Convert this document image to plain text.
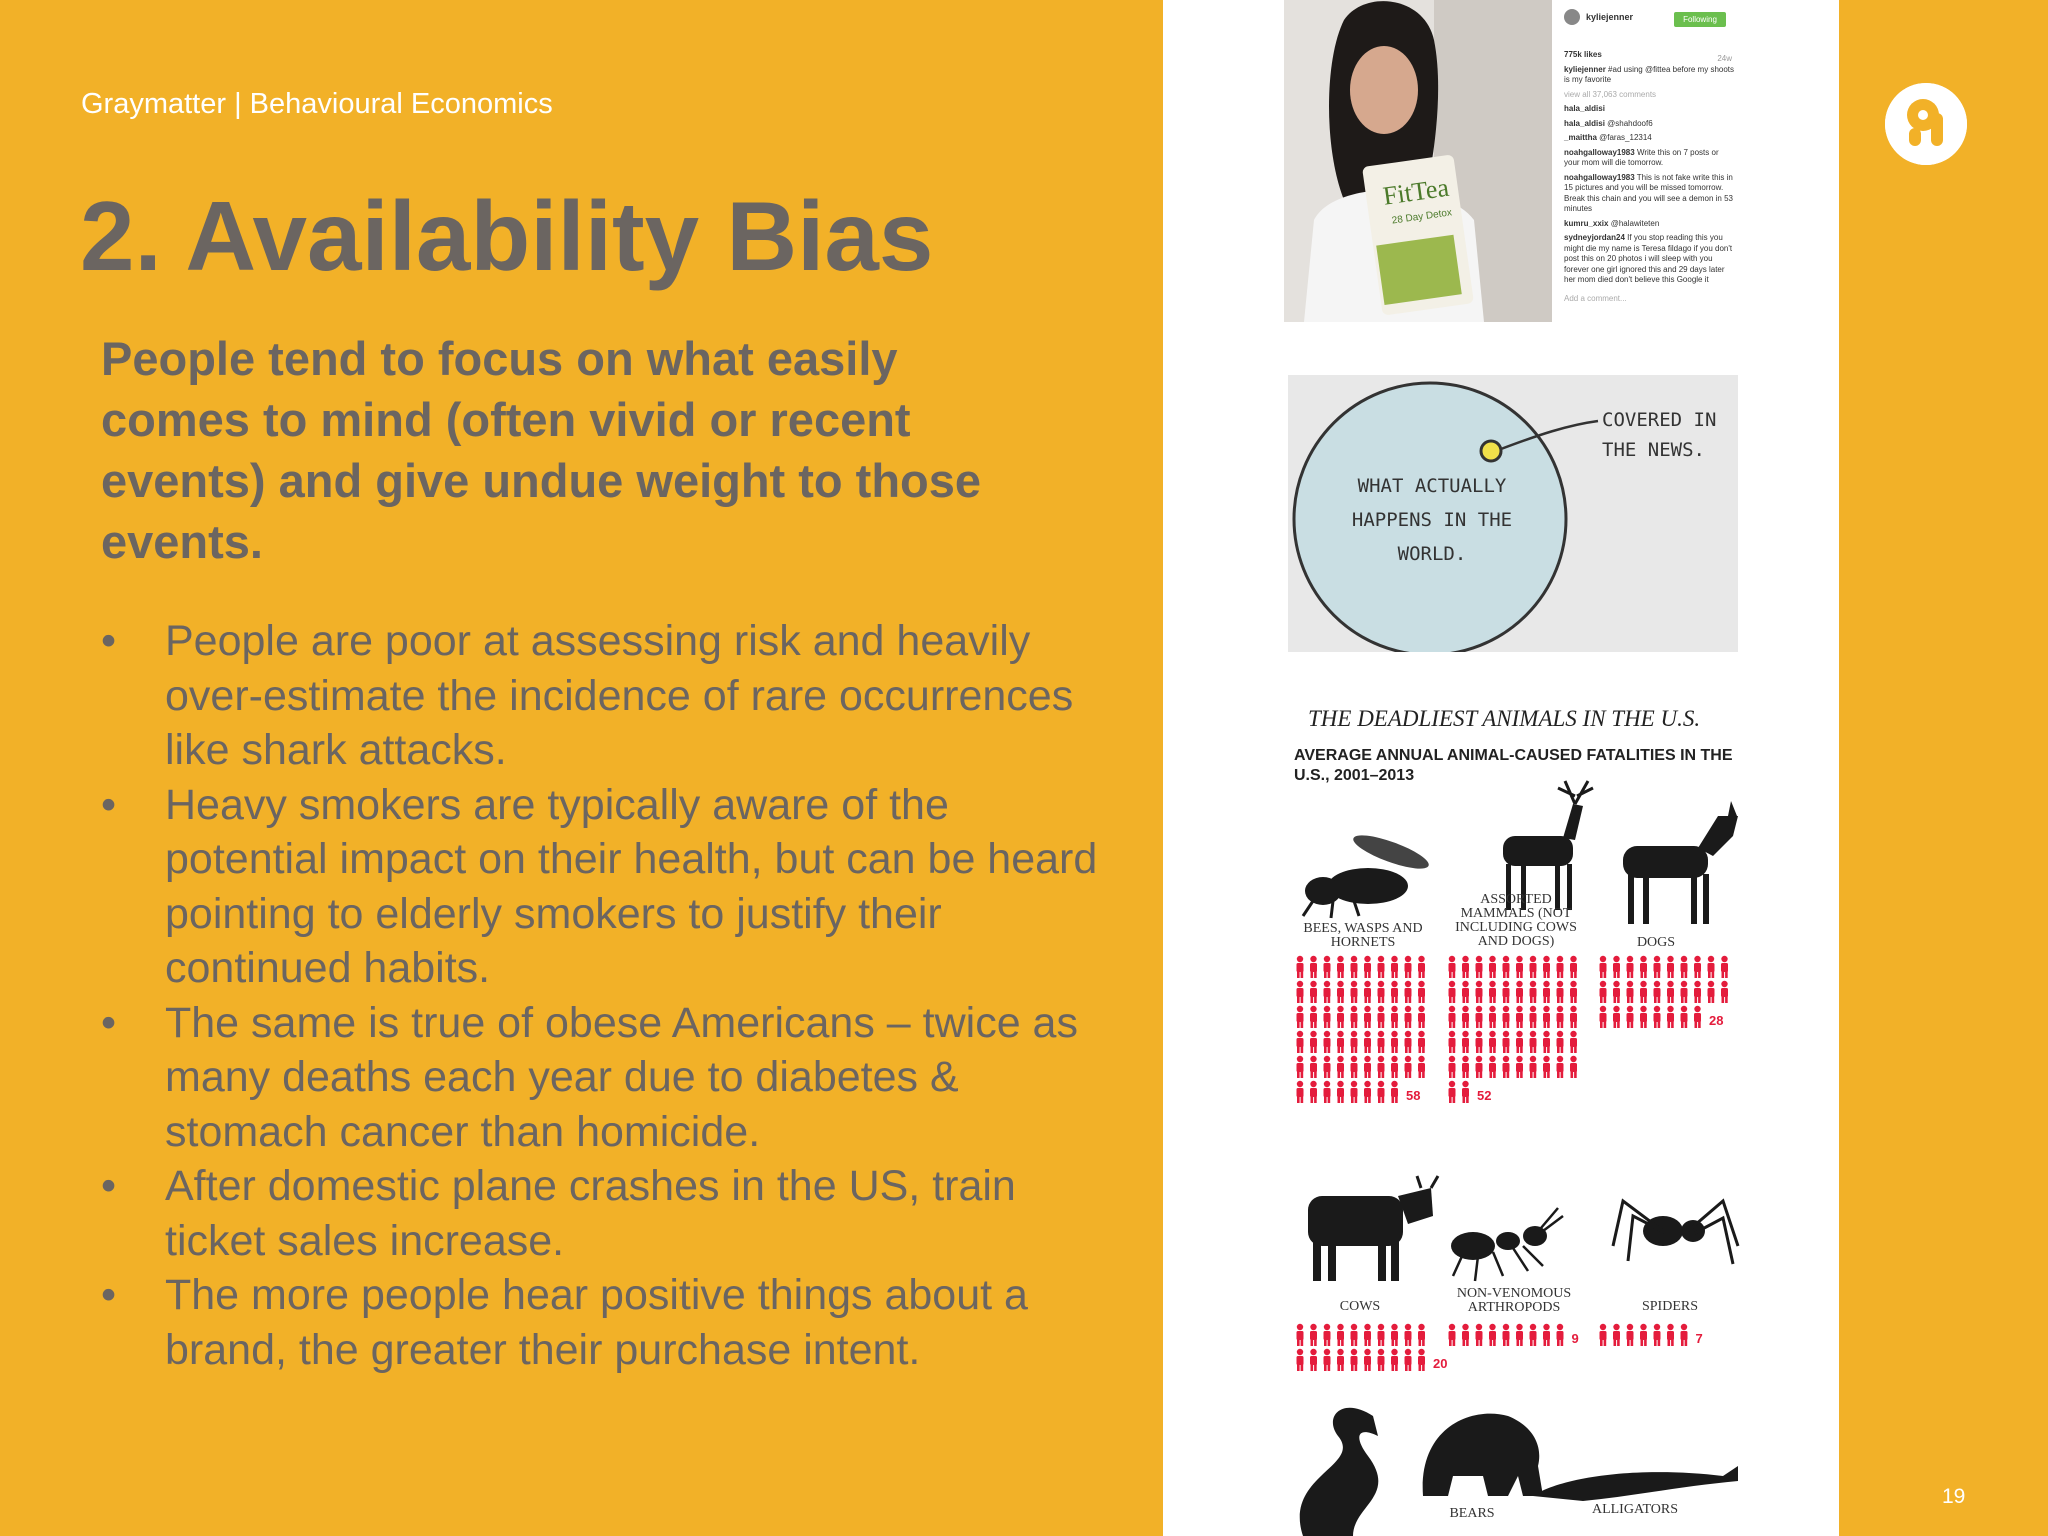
Graymatter | Behavioural Economics
2. Availability Bias
People tend to focus on what easily comes to mind (often vivid or recent events) and give undue weight to those events.
• People are poor at assessing risk and heavily over-estimate the incidence of rare occurrences like shark attacks.
• Heavy smokers are typically aware of the potential impact on their health, but can be heard pointing to elderly smokers to justify their continued habits.
• The same is true of obese Americans – twice as many deaths each year due to diabetes & stomach cancer than homicide.
• After domestic plane crashes in the US, train ticket sales increase.
• The more people hear positive things about a brand, the greater their purchase intent.
FitTea
28 Day Detox
kyliejenner	Following
775k likes	24w
kyliejenner #ad using @fittea before my shoots is my favorite
view all 37,063 comments
hala_aldisi
hala_aldisi @shahdoof6
_maittha @faras_12314
noahgalloway1983 Write this on 7 posts or your mom will die tomorrow.
noahgalloway1983 This is not fake write this in 15 pictures and you will be missed tomorrow. Break this chain and you will see a demon in 53 minutes
kumru_xxix @halawiteten
sydneyjordan24 If you stop reading this you might die my name is Teresa fildago if you don't post this on 20 photos i will sleep with you forever one girl ignored this and 29 days later her mom died don't believe this Google it
Add a comment...
WHAT ACTUALLY HAPPENS IN THE WORLD.
COVERED IN THE NEWS.
THE DEADLIEST ANIMALS IN THE U.S.
AVERAGE ANNUAL ANIMAL-CAUSED FATALITIES IN THE U.S., 2001–2013
BEES, WASPS AND HORNETS
ASSORTED MAMMALS (NOT INCLUDING COWS AND DOGS)	DOGS
COWS
NON-VENOMOUS ARTHROPODS	SPIDERS
BEARS	ALLIGATORS
58	52
28
20
9	7
19
